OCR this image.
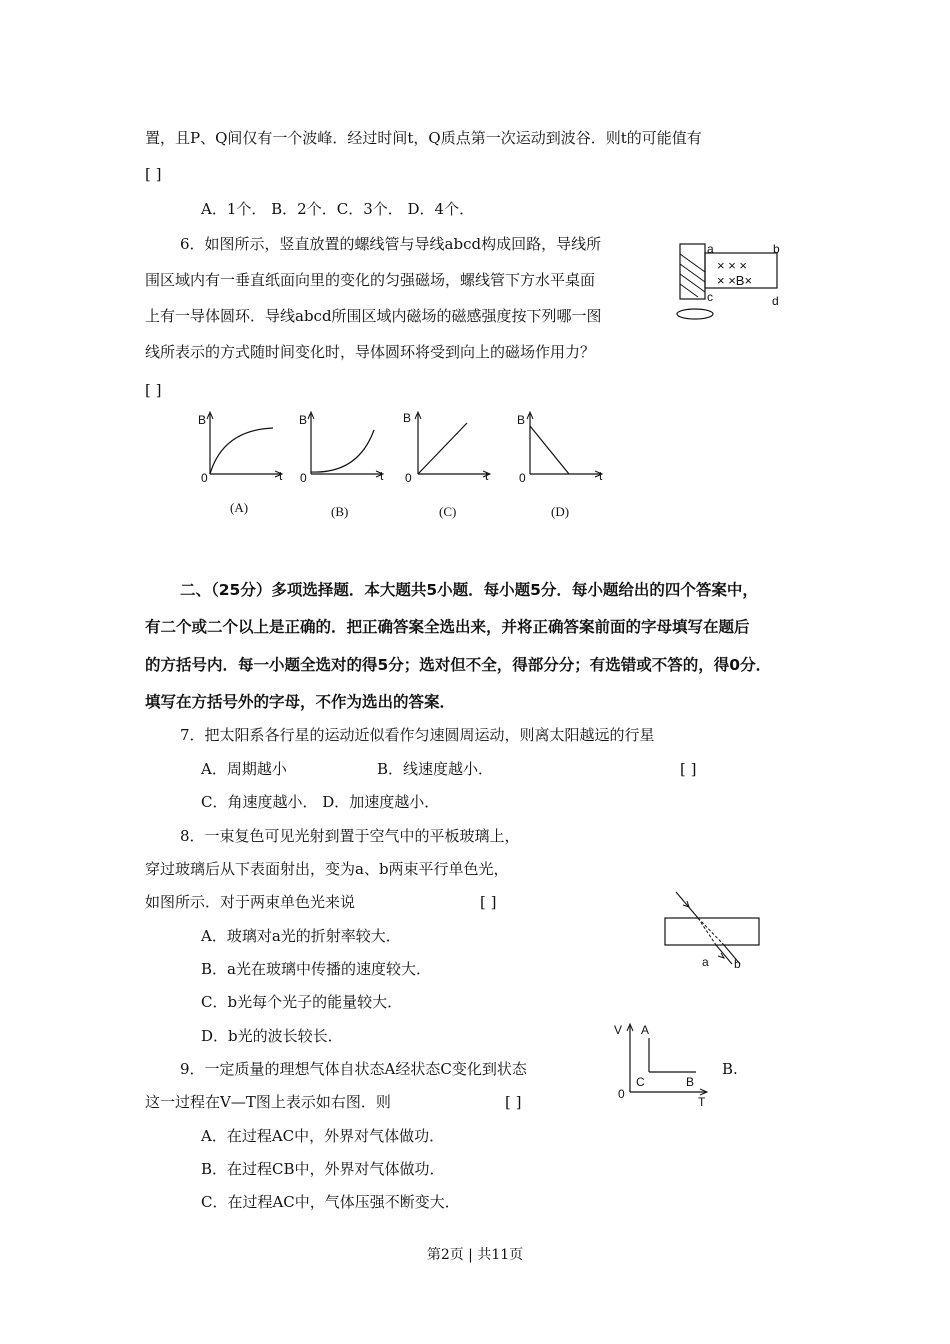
置，且P、Q间仅有一个波峰．经过时间t，Q质点第一次运动到波谷．则t的可能值有
[ ]
A．1个． B．2个．C．3个． D．4个．
6．如图所示，竖直放置的螺线管与导线abcd构成回路，导线所
围区域内有一垂直纸面向里的变化的匀强磁场，螺线管下方水平桌面
上有一导体圆环．导线abcd所围区域内磁场的磁感强度按下列哪一图
线所表示的方式随时间变化时，导体圆环将受到向上的磁场作用力？
[ ]
a	b
c	d
× × ×
× ×B×
B
0	t
(A)
B
0	t
(B)
B
0	t
(C)
B
0	t
(D)
二、（25分）多项选择题．本大题共5小题．每小题5分．每小题给出的四个答案中，
有二个或二个以上是正确的．把正确答案全选出来，并将正确答案前面的字母填写在题后
的方括号内．每一小题全选对的得5分；选对但不全，得部分分；有选错或不答的，得0分．
填写在方括号外的字母，不作为选出的答案．
7．把太阳系各行星的运动近似看作匀速圆周运动，则离太阳越远的行星
A．周期越小	B．线速度越小．	[ ]
C．角速度越小． D．加速度越小．
8．一束复色可见光射到置于空气中的平板玻璃上，
穿过玻璃后从下表面射出，变为a、b两束平行单色光，
如图所示．对于两束单色光来说	[ ]
A．玻璃对a光的折射率较大．
B．a光在玻璃中传播的速度较大．
C．b光每个光子的能量较大．
D．b光的波长较长．
a b
9．一定质量的理想气体自状态A经状态C变化到状态	B.
这一过程在V—T图上表示如右图．则	[ ]
A．在过程AC中，外界对气体做功．
B．在过程CB中，外界对气体做功．
C．在过程AC中，气体压强不断变大．
V A
C	B
0
T
第2页 | 共11页
